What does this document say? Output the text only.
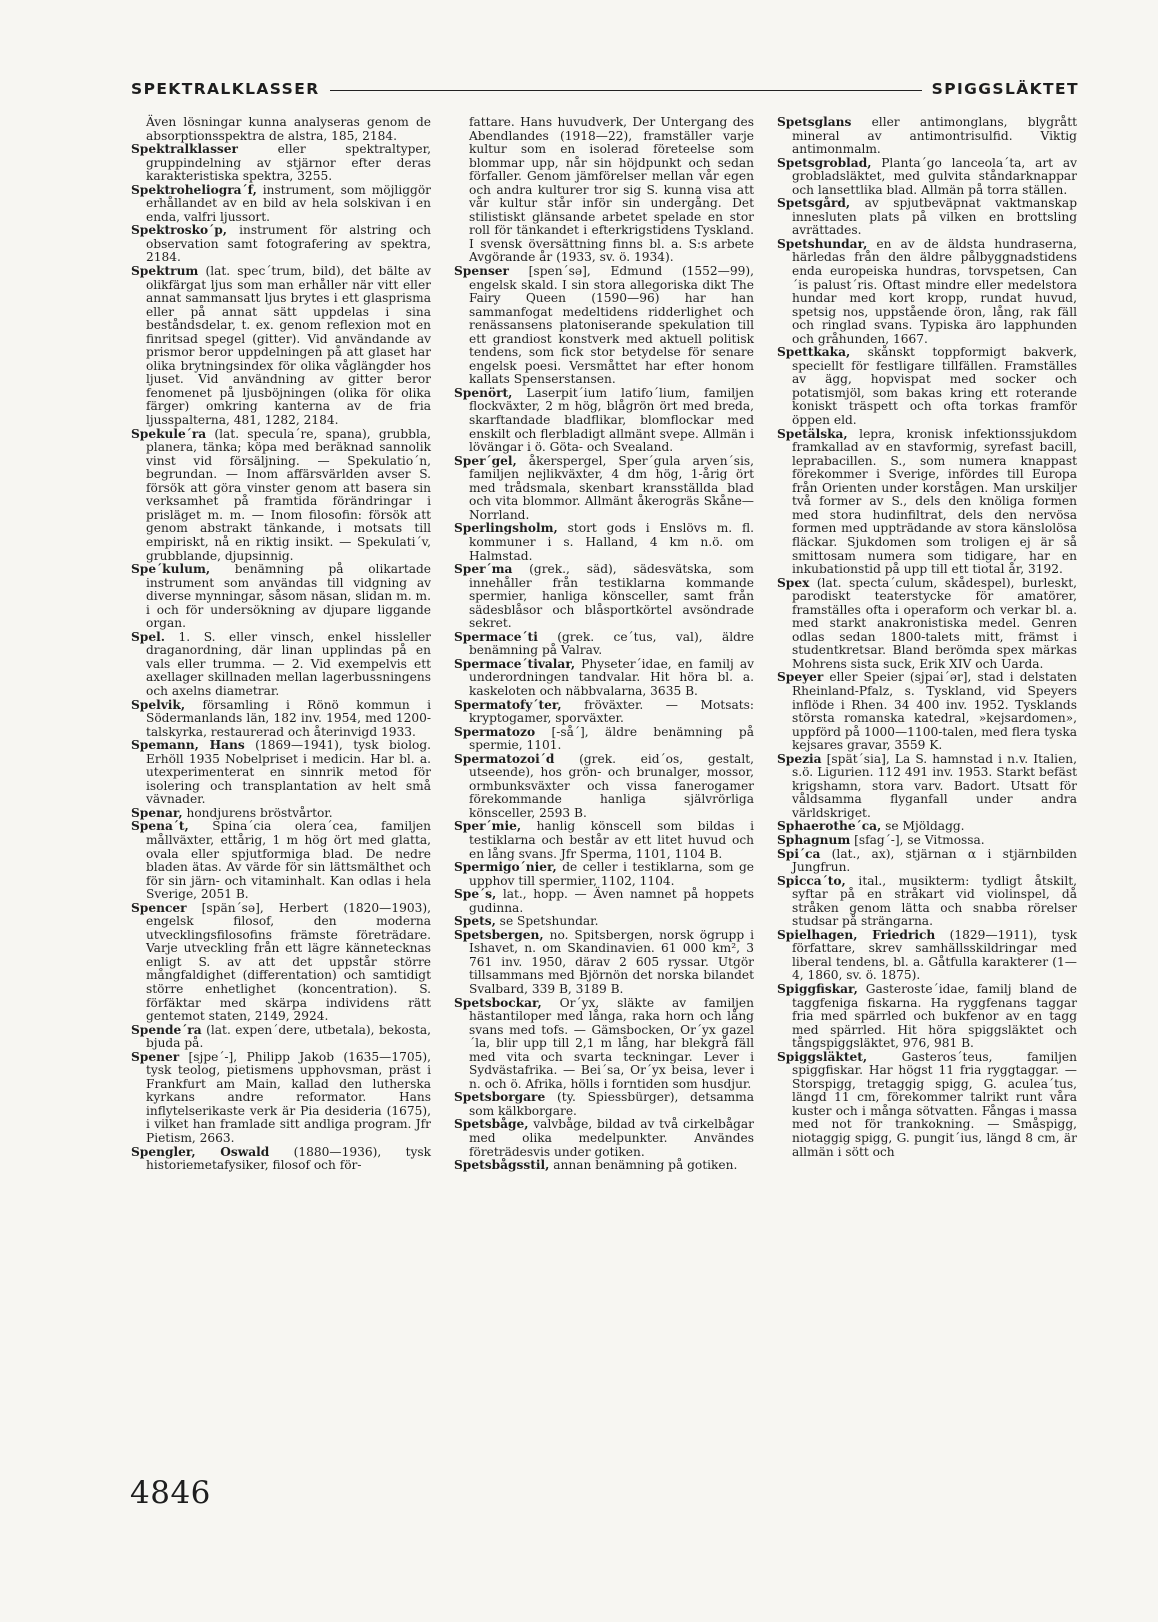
SPEKTRALKLASSER	SPIGGSLÄKTET
Även lösningar kunna analyseras genom de absorptionsspektra de alstra, 185, 2184.
Spektralklasser eller spektraltyper, gruppindelning av stjärnor efter deras karakteristiska spektra, 3255.
Spektroheliogra´f, instrument, som möjliggör erhållandet av en bild av hela solskivan i en enda, valfri ljussort.
Spektrosko´p, instrument för alstring och observation samt fotografering av spektra, 2184.
Spektrum (lat. spec´trum, bild), det bälte av olikfärgat ljus som man erhåller när vitt eller annat sammansatt ljus brytes i ett glasprisma eller på annat sätt uppdelas i sina beståndsdelar, t. ex. genom reflexion mot en finritsad spegel (gitter). Vid användande av prismor beror uppdelningen på att glaset har olika brytningsindex för olika våglängder hos ljuset. Vid användning av gitter beror fenomenet på ljusböjningen (olika för olika färger) omkring kanterna av de fria ljusspalterna, 481, 1282, 2184.
Spekule´ra (lat. specula´re, spana), grubbla, planera, tänka; köpa med beräknad sannolik vinst vid försäljning. — Spekulatio´n, begrundan. — Inom affärsvärlden avser S. försök att göra vinster genom att basera sin verksamhet på framtida förändringar i prisläget m. m. — Inom filosofin: försök att genom abstrakt tänkande, i motsats till empiriskt, nå en riktig insikt. — Spekulati´v, grubblande, djupsinnig.
Spe´kulum, benämning på olikartade instrument som användas till vidgning av diverse mynningar, såsom näsan, slidan m. m. i och för undersökning av djupare liggande organ.
Spel. 1. S. eller vinsch, enkel hissleller draganordning, där linan upplindas på en vals eller trumma. — 2. Vid exempelvis ett axellager skillnaden mellan lagerbussningens och axelns diametrar.
Spelvik, församling i Rönö kommun i Södermanlands län, 182 inv. 1954, med 1200-talskyrka, restaurerad och återinvigd 1933.
Spemann, Hans (1869—1941), tysk biolog. Erhöll 1935 Nobelpriset i medicin. Har bl. a. utexperimenterat en sinnrik metod för isolering och transplantation av helt små vävnader.
Spenar, hondjurens bröstvårtor.
Spena´t, Spina´cia olera´cea, familjen mållväxter, ettårig, 1 m hög ört med glatta, ovala eller spjutformiga blad. De nedre bladen ätas. Av värde för sin lättsmälthet och för sin järn- och vitaminhalt. Kan odlas i hela Sverige, 2051 B.
Spencer [spän´sə], Herbert (1820—1903), engelsk filosof, den moderna utvecklingsfilosofins främste företrädare. Varje utveckling från ett lägre kännetecknas enligt S. av att det uppstår större mångfaldighet (differentation) och samtidigt större enhetlighet (koncentration). S. förfäktar med skärpa individens rätt gentemot staten, 2149, 2924.
Spende´ra (lat. expen´dere, utbetala), bekosta, bjuda på.
Spener [sjpe´-], Philipp Jakob (1635—1705), tysk teolog, pietismens upphovsman, präst i Frankfurt am Main, kallad den lutherska kyrkans andre reformator. Hans inflytelserikaste verk är Pia desideria (1675), i vilket han framlade sitt andliga program. Jfr Pietism, 2663.
Spengler, Oswald (1880—1936), tysk historiemetafysiker, filosof och för-
fattare. Hans huvudverk, Der Untergang des Abendlandes (1918—22), framställer varje kultur som en isolerad företeelse som blommar upp, når sin höjdpunkt och sedan förfaller. Genom jämförelser mellan vår egen och andra kulturer tror sig S. kunna visa att vår kultur står inför sin undergång. Det stilistiskt glänsande arbetet spelade en stor roll för tänkandet i efterkrigstidens Tyskland. I svensk översättning finns bl. a. S:s arbete Avgörande år (1933, sv. ö. 1934).
Spenser [spen´sə], Edmund (1552—99), engelsk skald. I sin stora allegoriska dikt The Fairy Queen (1590—96) har han sammanfogat medeltidens ridderlighet och renässansens platoniserande spekulation till ett grandiost konstverk med aktuell politisk tendens, som fick stor betydelse för senare engelsk poesi. Versmåttet har efter honom kallats Spenserstansen.
Spenört, Laserpit´ium latifo´lium, familjen flockväxter, 2 m hög, blågrön ört med breda, skarftandade bladflikar, blomflockar med enskilt och flerbladigt allmänt svepe. Allmän i lövängar i ö. Göta- och Svealand.
Sper´gel, åkerspergel, Sper´gula arven´sis, familjen nejlikväxter, 4 dm hög, 1-årig ört med trådsmala, skenbart kransställda blad och vita blommor. Allmänt åkerogräs Skåne—Norrland.
Sperlingsholm, stort gods i Enslövs m. fl. kommuner i s. Halland, 4 km n.ö. om Halmstad.
Sper´ma (grek., säd), sädesvätska, som innehåller från testiklarna kommande spermier, hanliga könsceller, samt från sädesblåsor och blåsportkörtel avsöndrade sekret.
Spermace´ti (grek. ce´tus, val), äldre benämning på Valrav.
Spermace´tivalar, Physeter´idae, en familj av underordningen tandvalar. Hit höra bl. a. kaskeloten och näbbvalarna, 3635 B.
Spermatofy´ter, fröväxter. — Motsats: kryptogamer, sporväxter.
Spermatozo [-så´], äldre benämning på spermie, 1101.
Spermatozoi´d (grek. eid´os, gestalt, utseende), hos grön- och brunalger, mossor, ormbunksväxter och vissa fanerogamer förekommande hanliga självrörliga könsceller, 2593 B.
Sper´mie, hanlig könscell som bildas i testiklarna och består av ett litet huvud och en lång svans. Jfr Sperma, 1101, 1104 B.
Spermigo´nier, de celler i testiklarna, som ge upphov till spermier, 1102, 1104.
Spe´s, lat., hopp. — Även namnet på hoppets gudinna.
Spets, se Spetshundar.
Spetsbergen, no. Spitsbergen, norsk ögrupp i Ishavet, n. om Skandinavien. 61 000 km², 3 761 inv. 1950, därav 2 605 ryssar. Utgör tillsammans med Björnön det norska bilandet Svalbard, 339 B, 3189 B.
Spetsbockar, Or´yx, släkte av familjen hästantiloper med långa, raka horn och lång svans med tofs. — Gämsbocken, Or´yx gazel´la, blir upp till 2,1 m lång, har blekgrå fäll med vita och svarta teckningar. Lever i Sydvästafrika. — Bei´sa, Or´yx beisa, lever i n. och ö. Afrika, hölls i forntiden som husdjur.
Spetsborgare (ty. Spiessbürger), detsamma som kälkborgare.
Spetsbåge, valvbåge, bildad av två cirkelbågar med olika medelpunkter. Användes företrädesvis under gotiken.
Spetsbågsstil, annan benämning på gotiken.
Spetsglans eller antimonglans, blygrått mineral av antimontrisulfid. Viktig antimonmalm.
Spetsgroblad, Planta´go lanceola´ta, art av grobladsläktet, med gulvita ståndarknappar och lansettlika blad. Allmän på torra ställen.
Spetsgård, av spjutbeväpnat vaktmanskap innesluten plats på vilken en brottsling avrättades.
Spetshundar, en av de äldsta hundraserna, härledas från den äldre pålbyggnadstidens enda europeiska hundras, torvspetsen, Can´is palust´ris. Oftast mindre eller medelstora hundar med kort kropp, rundat huvud, spetsig nos, uppstående öron, lång, rak fäll och ringlad svans. Typiska äro lapphunden och gråhunden, 1667.
Spettkaka, skånskt toppformigt bakverk, speciellt för festligare tillfällen. Framställes av ägg, hopvispat med socker och potatismjöl, som bakas kring ett roterande koniskt träspett och ofta torkas framför öppen eld.
Spetälska, lepra, kronisk infektionssjukdom framkallad av en stavformig, syrefast bacill, leprabacillen. S., som numera knappast förekommer i Sverige, infördes till Europa från Orienten under korstågen. Man urskiljer två former av S., dels den knöliga formen med stora hudinfiltrat, dels den nervösa formen med uppträdande av stora känslolösa fläckar. Sjukdomen som troligen ej är så smittosam numera som tidigare, har en inkubationstid på upp till ett tiotal år, 3192.
Spex (lat. specta´culum, skådespel), burleskt, parodiskt teaterstycke för amatörer, framställes ofta i operaform och verkar bl. a. med starkt anakronistiska medel. Genren odlas sedan 1800-talets mitt, främst i studentkretsar. Bland berömda spex märkas Mohrens sista suck, Erik XIV och Uarda.
Speyer eller Speier (sjpai´ər], stad i delstaten Rheinland-Pfalz, s. Tyskland, vid Speyers inflöde i Rhen. 34 400 inv. 1952. Tysklands största romanska katedral, »kejsardomen», uppförd på 1000—1100-talen, med flera tyska kejsares gravar, 3559 K.
Spezia [spät´sia], La S. hamnstad i n.v. Italien, s.ö. Ligurien. 112 491 inv. 1953. Starkt befäst krigshamn, stora varv. Badort. Utsatt för våldsamma flyganfall under andra världskriget.
Sphaerothe´ca, se Mjöldagg.
Sphagnum [sfag´-], se Vitmossa.
Spi´ca (lat., ax), stjärnan α i stjärnbilden Jungfrun.
Spicca´to, ital., musikterm: tydligt åtskilt, syftar på en stråkart vid violinspel, då stråken genom lätta och snabba rörelser studsar på strängarna.
Spielhagen, Friedrich (1829—1911), tysk författare, skrev samhällsskildringar med liberal tendens, bl. a. Gåtfulla karakterer (1—4, 1860, sv. ö. 1875).
Spiggfiskar, Gasteroste´idae, familj bland de taggfeniga fiskarna. Ha ryggfenans taggar fria med spärrled och bukfenor av en tagg med spärrled. Hit höra spiggsläktet och tångspiggsläktet, 976, 981 B.
Spiggsläktet, Gasteros´teus, familjen spiggfiskar. Har högst 11 fria ryggtaggar. — Storspigg, tretaggig spigg, G. aculea´tus, längd 11 cm, förekommer talrikt runt våra kuster och i många sötvatten. Fångas i massa med not för trankokning. — Småspigg, niotaggig spigg, G. pungit´ius, längd 8 cm, är allmän i sött och
4846
